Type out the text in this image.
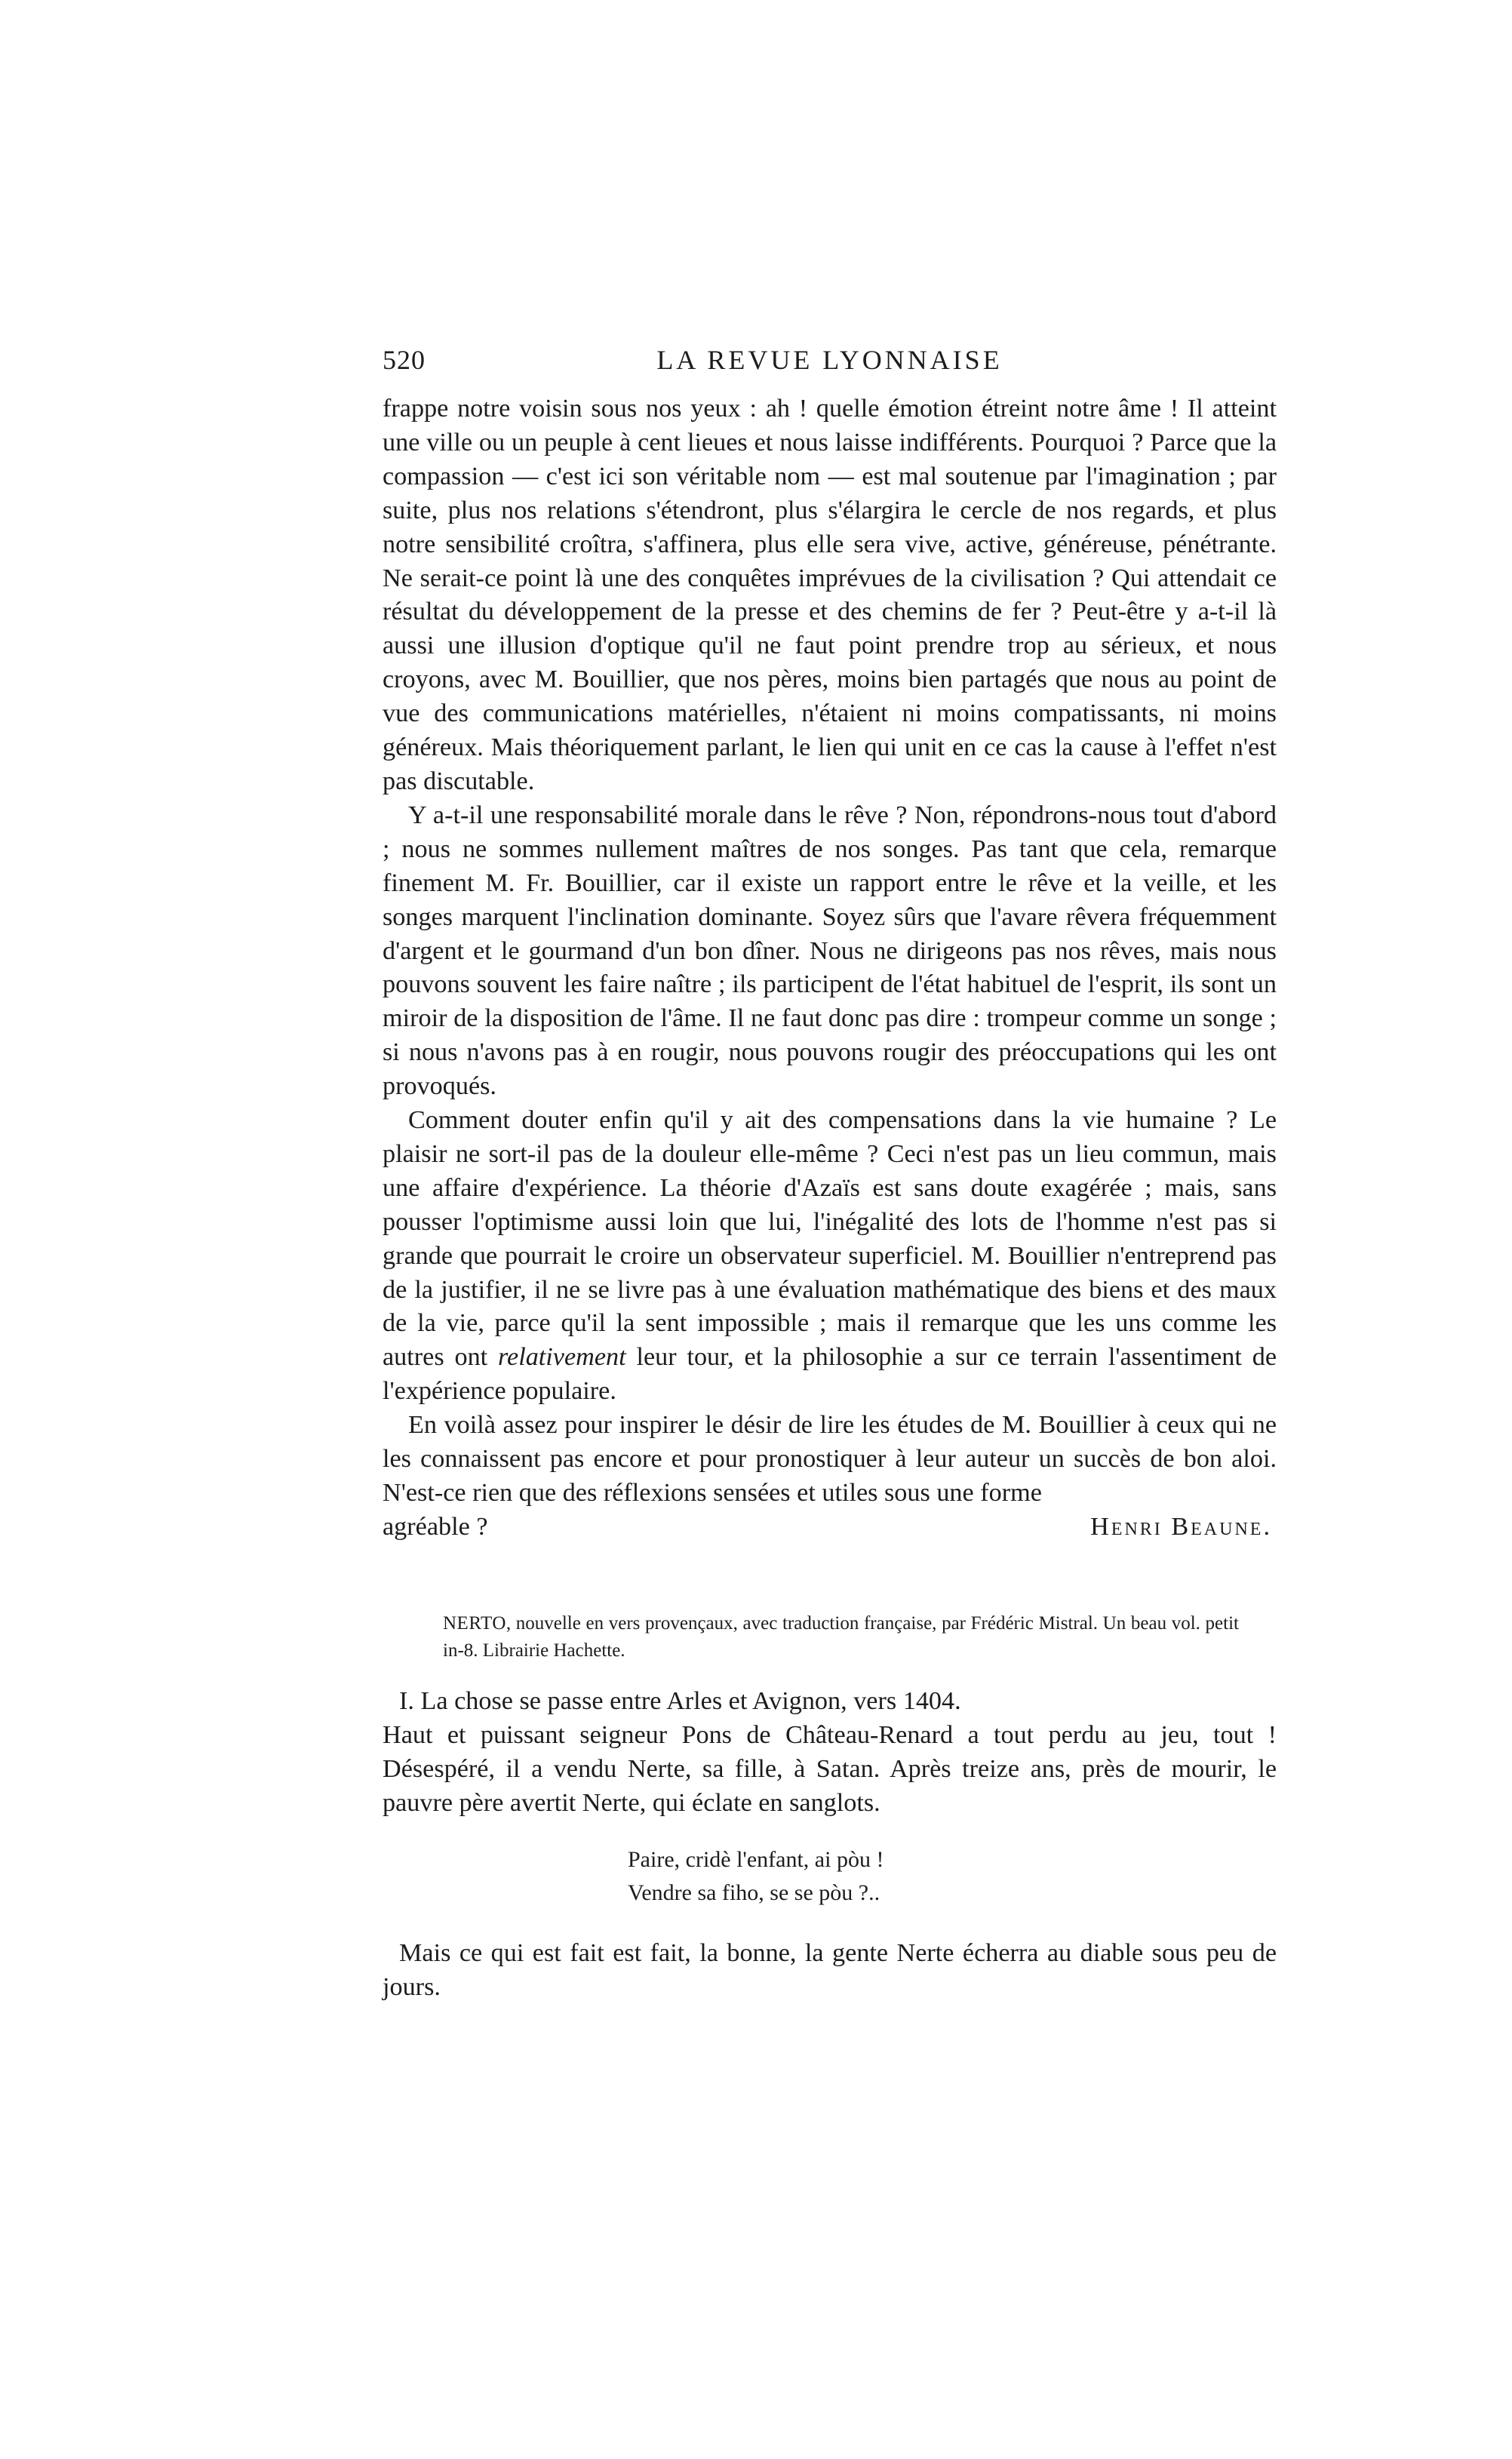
520	LA REVUE LYONNAISE

frappe notre voisin sous nos yeux : ah ! quelle émotion étreint notre âme ! Il atteint une ville ou un peuple à cent lieues et nous laisse indifférents. Pourquoi ? Parce que la compassion — c'est ici son véritable nom — est mal soutenue par l'imagination ; par suite, plus nos relations s'étendront, plus s'élargira le cercle de nos regards, et plus notre sensibilité croîtra, s'affinera, plus elle sera vive, active, généreuse, pénétrante. Ne serait-ce point là une des conquêtes imprévues de la civilisation ? Qui attendait ce résultat du développement de la presse et des chemins de fer ? Peut-être y a-t-il là aussi une illusion d'optique qu'il ne faut point prendre trop au sérieux, et nous croyons, avec M. Bouillier, que nos pères, moins bien partagés que nous au point de vue des communications matérielles, n'étaient ni moins compatissants, ni moins généreux. Mais théoriquement parlant, le lien qui unit en ce cas la cause à l'effet n'est pas discutable.

Y a-t-il une responsabilité morale dans le rêve ? Non, répondrons-nous tout d'abord ; nous ne sommes nullement maîtres de nos songes. Pas tant que cela, remarque finement M. Fr. Bouillier, car il existe un rapport entre le rêve et la veille, et les songes marquent l'inclination dominante. Soyez sûrs que l'avare rêvera fréquemment d'argent et le gourmand d'un bon dîner. Nous ne dirigeons pas nos rêves, mais nous pouvons souvent les faire naître ; ils participent de l'état habituel de l'esprit, ils sont un miroir de la disposition de l'âme. Il ne faut donc pas dire : trompeur comme un songe ; si nous n'avons pas à en rougir, nous pouvons rougir des préoccupations qui les ont provoqués.

Comment douter enfin qu'il y ait des compensations dans la vie humaine ? Le plaisir ne sort-il pas de la douleur elle-même ? Ceci n'est pas un lieu commun, mais une affaire d'expérience. La théorie d'Azaïs est sans doute exagérée ; mais, sans pousser l'optimisme aussi loin que lui, l'inégalité des lots de l'homme n'est pas si grande que pourrait le croire un observateur superficiel. M. Bouillier n'entreprend pas de la justifier, il ne se livre pas à une évaluation mathématique des biens et des maux de la vie, parce qu'il la sent impossible ; mais il remarque que les uns comme les autres ont relativement leur tour, et la philosophie a sur ce terrain l'assentiment de l'expérience populaire.

En voilà assez pour inspirer le désir de lire les études de M. Bouillier à ceux qui ne les connaissent pas encore et pour pronostiquer à leur auteur un succès de bon aloi. N'est-ce rien que des réflexions sensées et utiles sous une forme

agréable ?	Henri Beaune.
NERTO, nouvelle en vers provençaux, avec traduction française, par Frédéric Mistral. Un beau vol. petit in-8. Librairie Hachette.

I. La chose se passe entre Arles et Avignon, vers 1404.

Haut et puissant seigneur Pons de Château-Renard a tout perdu au jeu, tout ! Désespéré, il a vendu Nerte, sa fille, à Satan. Après treize ans, près de mourir, le pauvre père avertit Nerte, qui éclate en sanglots.

Paire, cridè l'enfant, ai pòu !
Vendre sa fiho, se se pòu ?..

Mais ce qui est fait est fait, la bonne, la gente Nerte écherra au diable sous peu de jours.
